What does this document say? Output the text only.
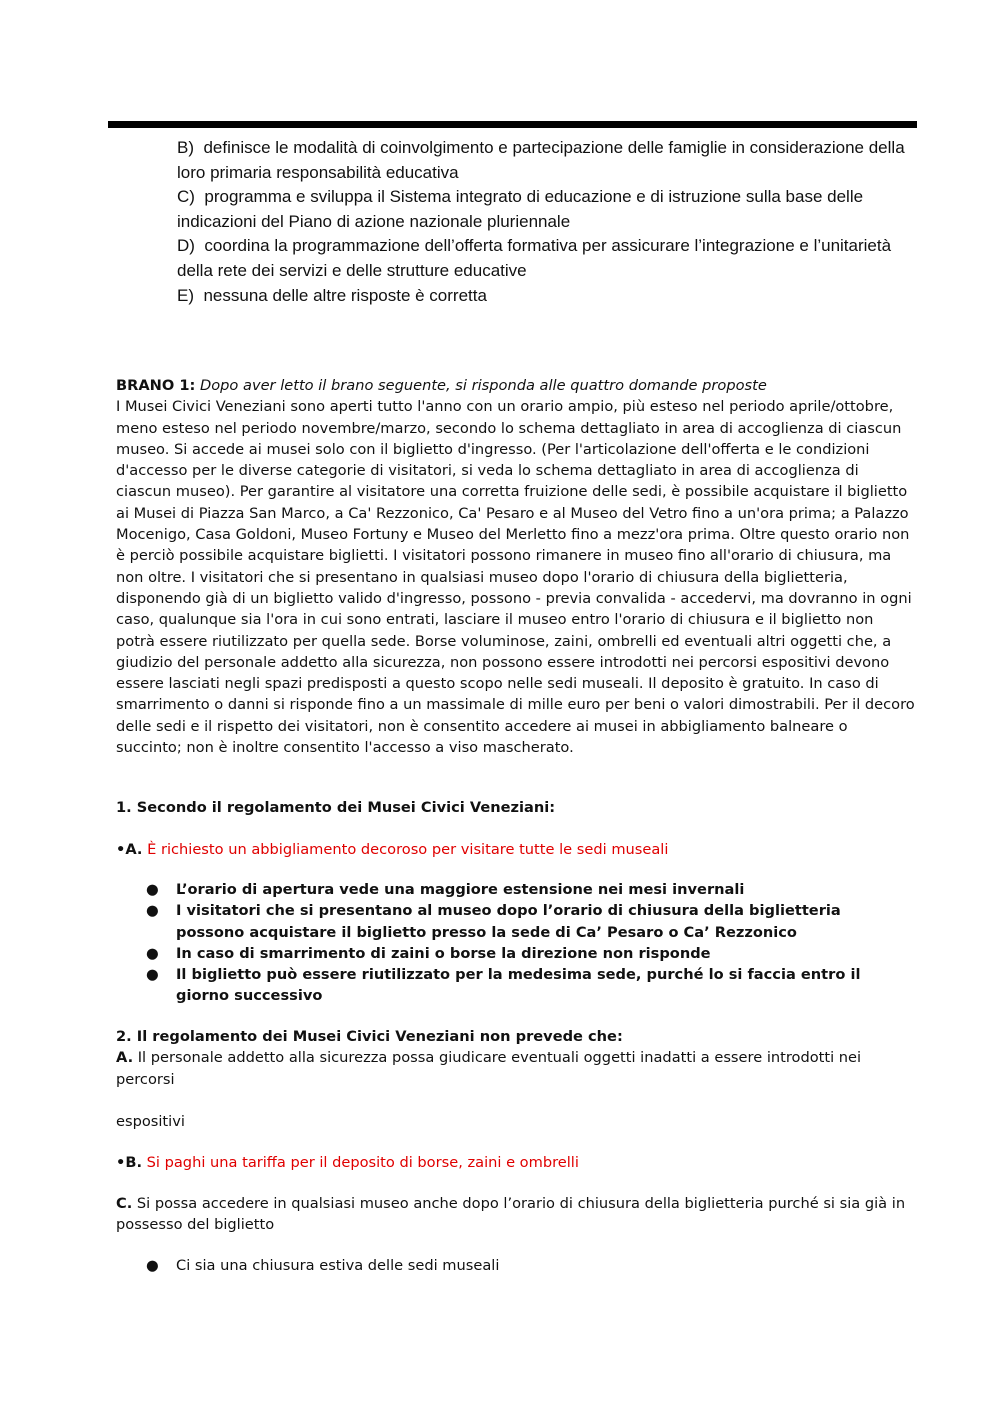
B) definisce le modalità di coinvolgimento e partecipazione delle famiglie in considerazione della loro primaria responsabilità educativa

C) programma e sviluppa il Sistema integrato di educazione e di istruzione sulla base delle indicazioni del Piano di azione nazionale pluriennale

D) coordina la programmazione dell’offerta formativa per assicurare l’integrazione e l’unitarietà della rete dei servizi e delle strutture educative

E) nessuna delle altre risposte è corretta

BRANO 1: Dopo aver letto il brano seguente, si risponda alle quattro domande proposte

I Musei Civici Veneziani sono aperti tutto l'anno con un orario ampio, più esteso nel periodo aprile/ottobre, meno esteso nel periodo novembre/marzo, secondo lo schema dettagliato in area di accoglienza di ciascun museo. Si accede ai musei solo con il biglietto d'ingresso. (Per l'articolazione dell'offerta e le condizioni d'accesso per le diverse categorie di visitatori, si veda lo schema dettagliato in area di accoglienza di ciascun museo). Per garantire al visitatore una corretta fruizione delle sedi, è possibile acquistare il biglietto ai Musei di Piazza San Marco, a Ca' Rezzonico, Ca' Pesaro e al Museo del Vetro fino a un'ora prima; a Palazzo Mocenigo, Casa Goldoni, Museo Fortuny e Museo del Merletto fino a mezz'ora prima. Oltre questo orario non è perciò possibile acquistare biglietti. I visitatori possono rimanere in museo fino all'orario di chiusura, ma non oltre. I visitatori che si presentano in qualsiasi museo dopo l'orario di chiusura della biglietteria, disponendo già di un biglietto valido d'ingresso, possono - previa convalida - accedervi, ma dovranno in ogni caso, qualunque sia l'ora in cui sono entrati, lasciare il museo entro l'orario di chiusura e il biglietto non potrà essere riutilizzato per quella sede. Borse voluminose, zaini, ombrelli ed eventuali altri oggetti che, a giudizio del personale addetto alla sicurezza, non possono essere introdotti nei percorsi espositivi devono essere lasciati negli spazi predisposti a questo scopo nelle sedi museali. Il deposito è gratuito. In caso di smarrimento o danni si risponde fino a un massimale di mille euro per beni o valori dimostrabili. Per il decoro delle sedi e il rispetto dei visitatori, non è consentito accedere ai musei in abbigliamento balneare o succinto; non è inoltre consentito l'accesso a viso mascherato.

1. Secondo il regolamento dei Musei Civici Veneziani:
•A. È richiesto un abbigliamento decoroso per visitare tutte le sedi museali
● L’orario di apertura vede una maggiore estensione nei mesi invernali
● I visitatori che si presentano al museo dopo l’orario di chiusura della biglietteria possono acquistare il biglietto presso la sede di Ca’ Pesaro o Ca’ Rezzonico
● In caso di smarrimento di zaini o borse la direzione non risponde
● Il biglietto può essere riutilizzato per la medesima sede, purché lo si faccia entro il giorno successivo

2. Il regolamento dei Musei Civici Veneziani non prevede che:

A. Il personale addetto alla sicurezza possa giudicare eventuali oggetti inadatti a essere introdotti nei percorsi

espositivi
•B. Si paghi una tariffa per il deposito di borse, zaini e ombrelli
C. Si possa accedere in qualsiasi museo anche dopo l’orario di chiusura della biglietteria purché si sia già in possesso del biglietto
● Ci sia una chiusura estiva delle sedi museali
